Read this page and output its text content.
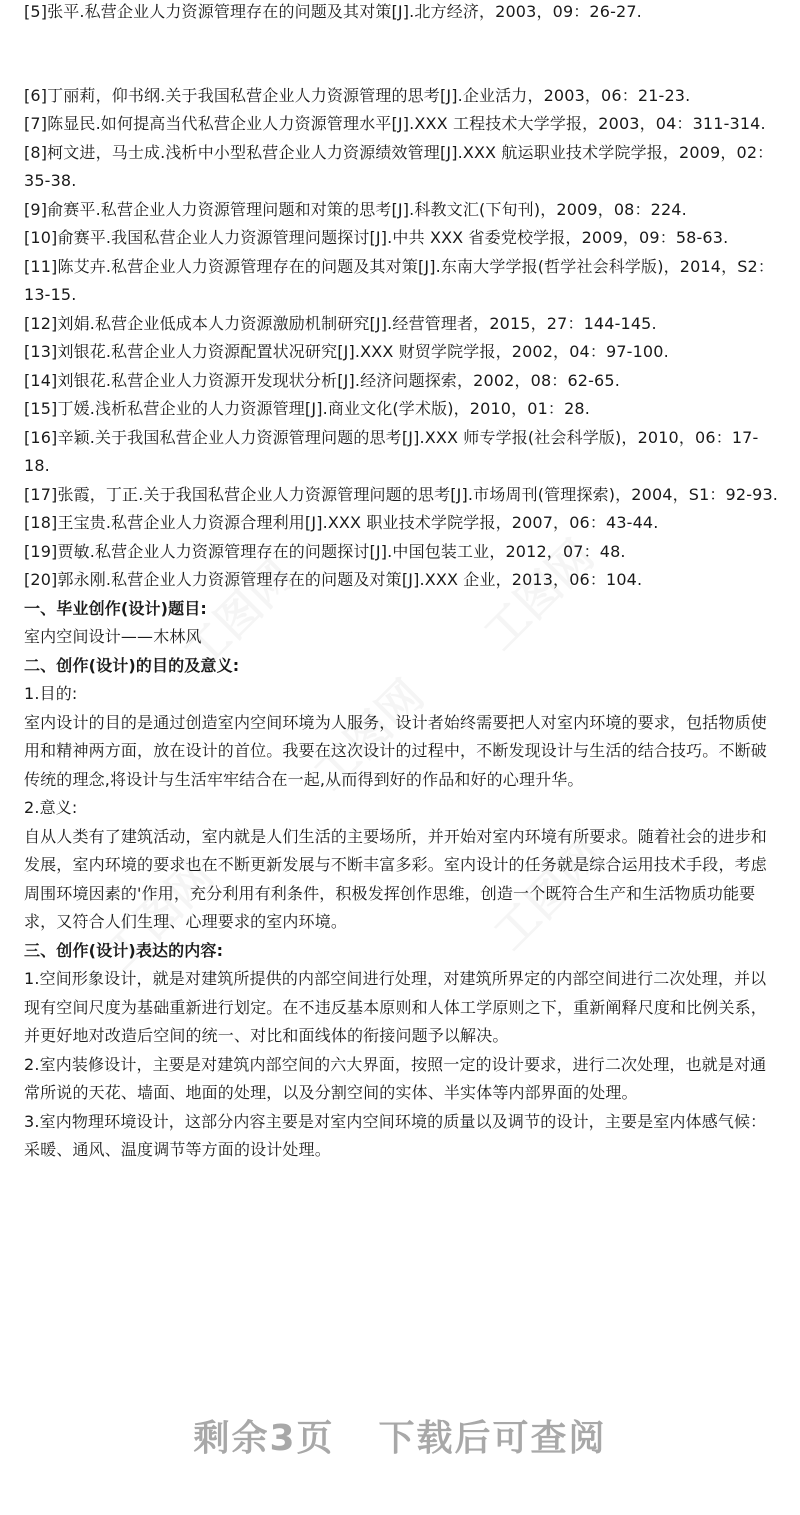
[5]张平.私营企业人力资源管理存在的问题及其对策[J].北方经济，2003，09：26-27.

[6]丁丽莉，仰书纲.关于我国私营企业人力资源管理的思考[J].企业活力，2003，06：21-23.

[7]陈显民.如何提高当代私营企业人力资源管理水平[J].XXX 工程技术大学学报，2003，04：311-314.

[8]柯文进，马士成.浅析中小型私营企业人力资源绩效管理[J].XXX 航运职业技术学院学报，2009，02：35-38.

[9]俞赛平.私营企业人力资源管理问题和对策的思考[J].科教文汇(下旬刊)，2009，08：224.

[10]俞赛平.我国私营企业人力资源管理问题探讨[J].中共 XXX 省委党校学报，2009，09：58-63.

[11]陈艾卉.私营企业人力资源管理存在的问题及其对策[J].东南大学学报(哲学社会科学版)，2014，S2：13-15.

[12]刘娟.私营企业低成本人力资源激励机制研究[J].经营管理者，2015，27：144-145.

[13]刘银花.私营企业人力资源配置状况研究[J].XXX 财贸学院学报，2002，04：97-100.

[14]刘银花.私营企业人力资源开发现状分析[J].经济问题探索，2002，08：62-65.

[15]丁媛.浅析私营企业的人力资源管理[J].商业文化(学术版)，2010，01：28.

[16]辛颖.关于我国私营企业人力资源管理问题的思考[J].XXX 师专学报(社会科学版)，2010，06：17-18.

[17]张霞，丁正.关于我国私营企业人力资源管理问题的思考[J].市场周刊(管理探索)，2004，S1：92-93.

[18]王宝贵.私营企业人力资源合理利用[J].XXX 职业技术学院学报，2007，06：43-44.

[19]贾敏.私营企业人力资源管理存在的问题探讨[J].中国包装工业，2012，07：48.

[20]郭永刚.私营企业人力资源管理存在的问题及对策[J].XXX 企业，2013，06：104.

一、毕业创作(设计)题目:

室内空间设计——木林风

二、创作(设计)的目的及意义:

1.目的:

室内设计的目的是通过创造室内空间环境为人服务，设计者始终需要把人对室内环境的要求，包括物质使用和精神两方面，放在设计的首位。我要在这次设计的过程中，不断发现设计与生活的结合技巧。不断破传统的理念,将设计与生活牢牢结合在一起,从而得到好的作品和好的心理升华。

2.意义:

自从人类有了建筑活动，室内就是人们生活的主要场所，并开始对室内环境有所要求。随着社会的进步和发展，室内环境的要求也在不断更新发展与不断丰富多彩。室内设计的任务就是综合运用技术手段，考虑周围环境因素的'作用，充分利用有利条件，积极发挥创作思维，创造一个既符合生产和生活物质功能要求，又符合人们生理、心理要求的室内环境。

三、创作(设计)表达的内容:

1.空间形象设计，就是对建筑所提供的内部空间进行处理，对建筑所界定的内部空间进行二次处理，并以现有空间尺度为基础重新进行划定。在不违反基本原则和人体工学原则之下，重新阐释尺度和比例关系，并更好地对改造后空间的统一、对比和面线体的衔接问题予以解决。

2.室内装修设计，主要是对建筑内部空间的六大界面，按照一定的设计要求，进行二次处理，也就是对通常所说的天花、墙面、地面的处理，以及分割空间的实体、半实体等内部界面的处理。

3.室内物理环境设计，这部分内容主要是对室内空间环境的质量以及调节的设计，主要是室内体感气候：采暖、通风、温度调节等方面的设计处理。

剩余3页 下载后可查阅
